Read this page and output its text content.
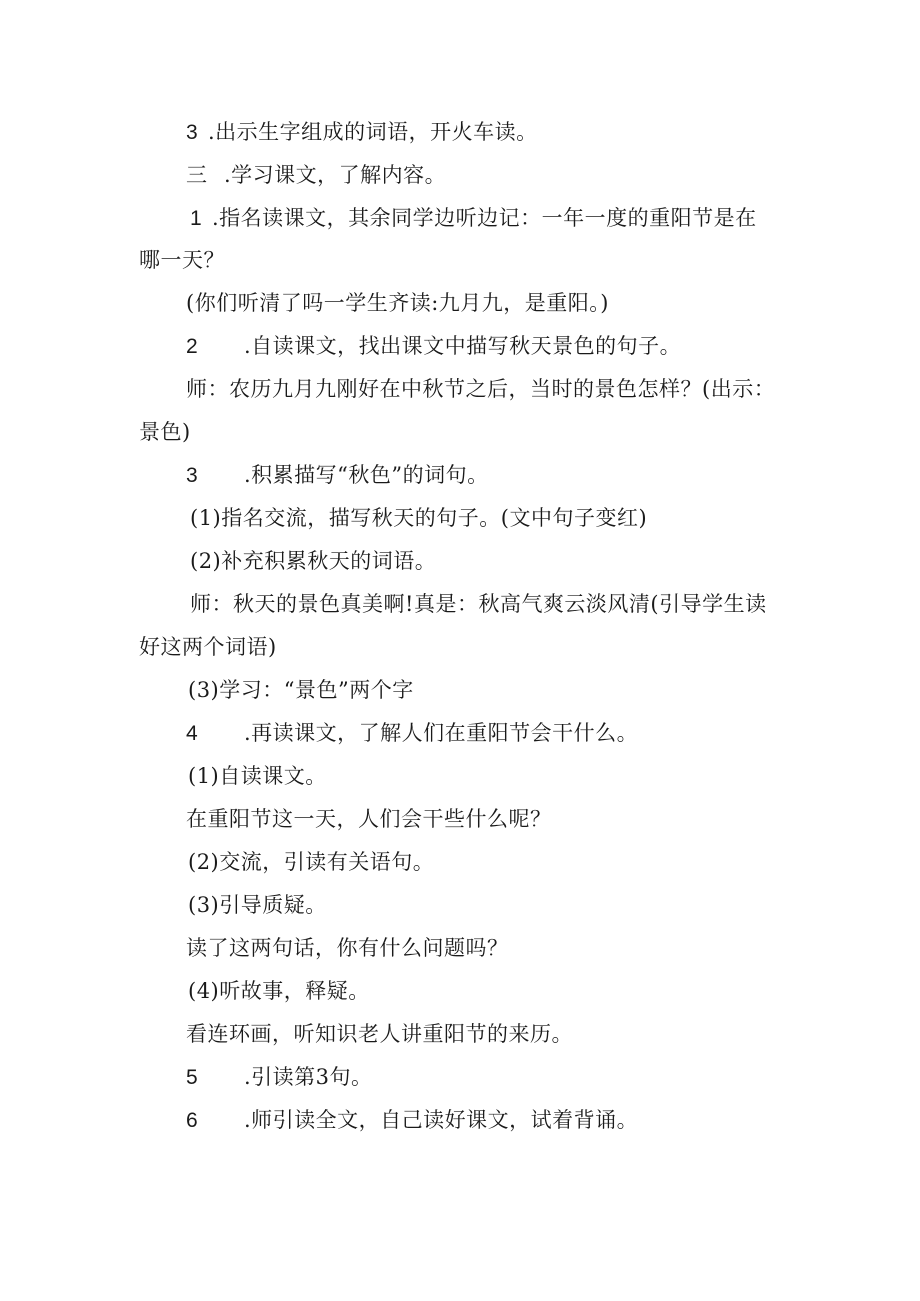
3 .出示生字组成的词语，开火车读。
三 .学习课文，了解内容。
1 .指名读课文，其余同学边听边记：一年一度的重阳节是在
哪一天？
(你们听清了吗一学生齐读:九月九，是重阳。)
2 .自读课文，找出课文中描写秋天景色的句子。
师：农历九月九刚好在中秋节之后，当时的景色怎样？(出示：
景色)
3 .积累描写“秋色”的词句。
(1)指名交流，描写秋天的句子。(文中句子变红)
(2)补充积累秋天的词语。
师：秋天的景色真美啊!真是：秋高气爽云淡风清(引导学生读
好这两个词语)
(3)学习：“景色”两个字
4 .再读课文，了解人们在重阳节会干什么。
(1)自读课文。
在重阳节这一天，人们会干些什么呢？
(2)交流，引读有关语句。
(3)引导质疑。
读了这两句话，你有什么问题吗？
(4)听故事，释疑。
看连环画，听知识老人讲重阳节的来历。
5 .引读第3句。
6 .师引读全文，自己读好课文，试着背诵。
